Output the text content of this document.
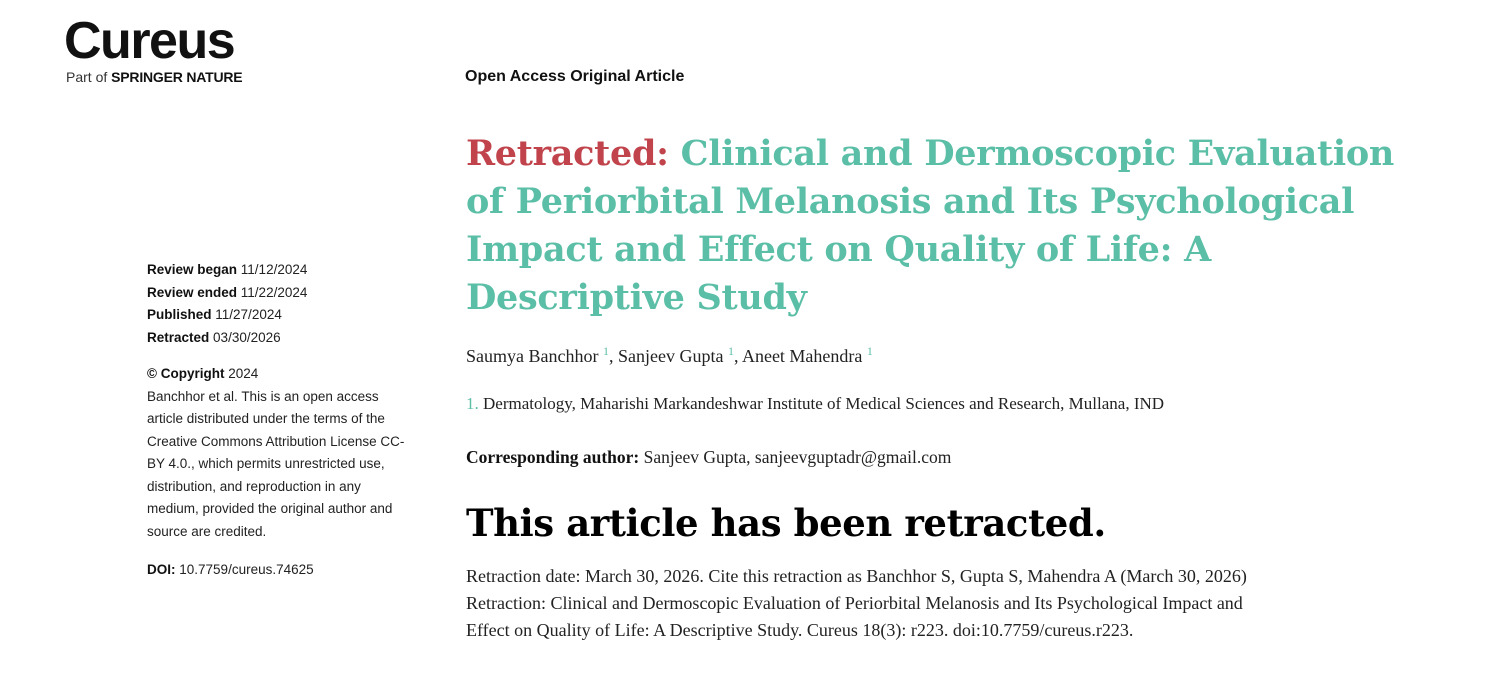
Cureus
Part of SPRINGER NATURE	Open Access Original Article
Review began 11/12/2024
Review ended 11/22/2024
Published 11/27/2024
Retracted 03/30/2026
© Copyright 2024
Banchhor et al. This is an open access
article distributed under the terms of the
Creative Commons Attribution License CC-
BY 4.0., which permits unrestricted use,
distribution, and reproduction in any
medium, provided the original author and
source are credited.
DOI: 10.7759/cureus.74625
Retracted: Clinical and Dermoscopic Evaluation
of Periorbital Melanosis and Its Psychological
Impact and Effect on Quality of Life: A
Descriptive Study
Saumya Banchhor $^1$, Sanjeev Gupta $^1$, Aneet Mahendra $^1$
1. Dermatology, Maharishi Markandeshwar Institute of Medical Sciences and Research, Mullana, IND
Corresponding author: Sanjeev Gupta, sanjeevguptadr@gmail.com
This article has been retracted.
Retraction date: March 30, 2026. Cite this retraction as Banchhor S, Gupta S, Mahendra A (March 30, 2026)
Retraction: Clinical and Dermoscopic Evaluation of Periorbital Melanosis and Its Psychological Impact and
Effect on Quality of Life: A Descriptive Study. Cureus 18(3): r223. doi:10.7759/cureus.r223.
